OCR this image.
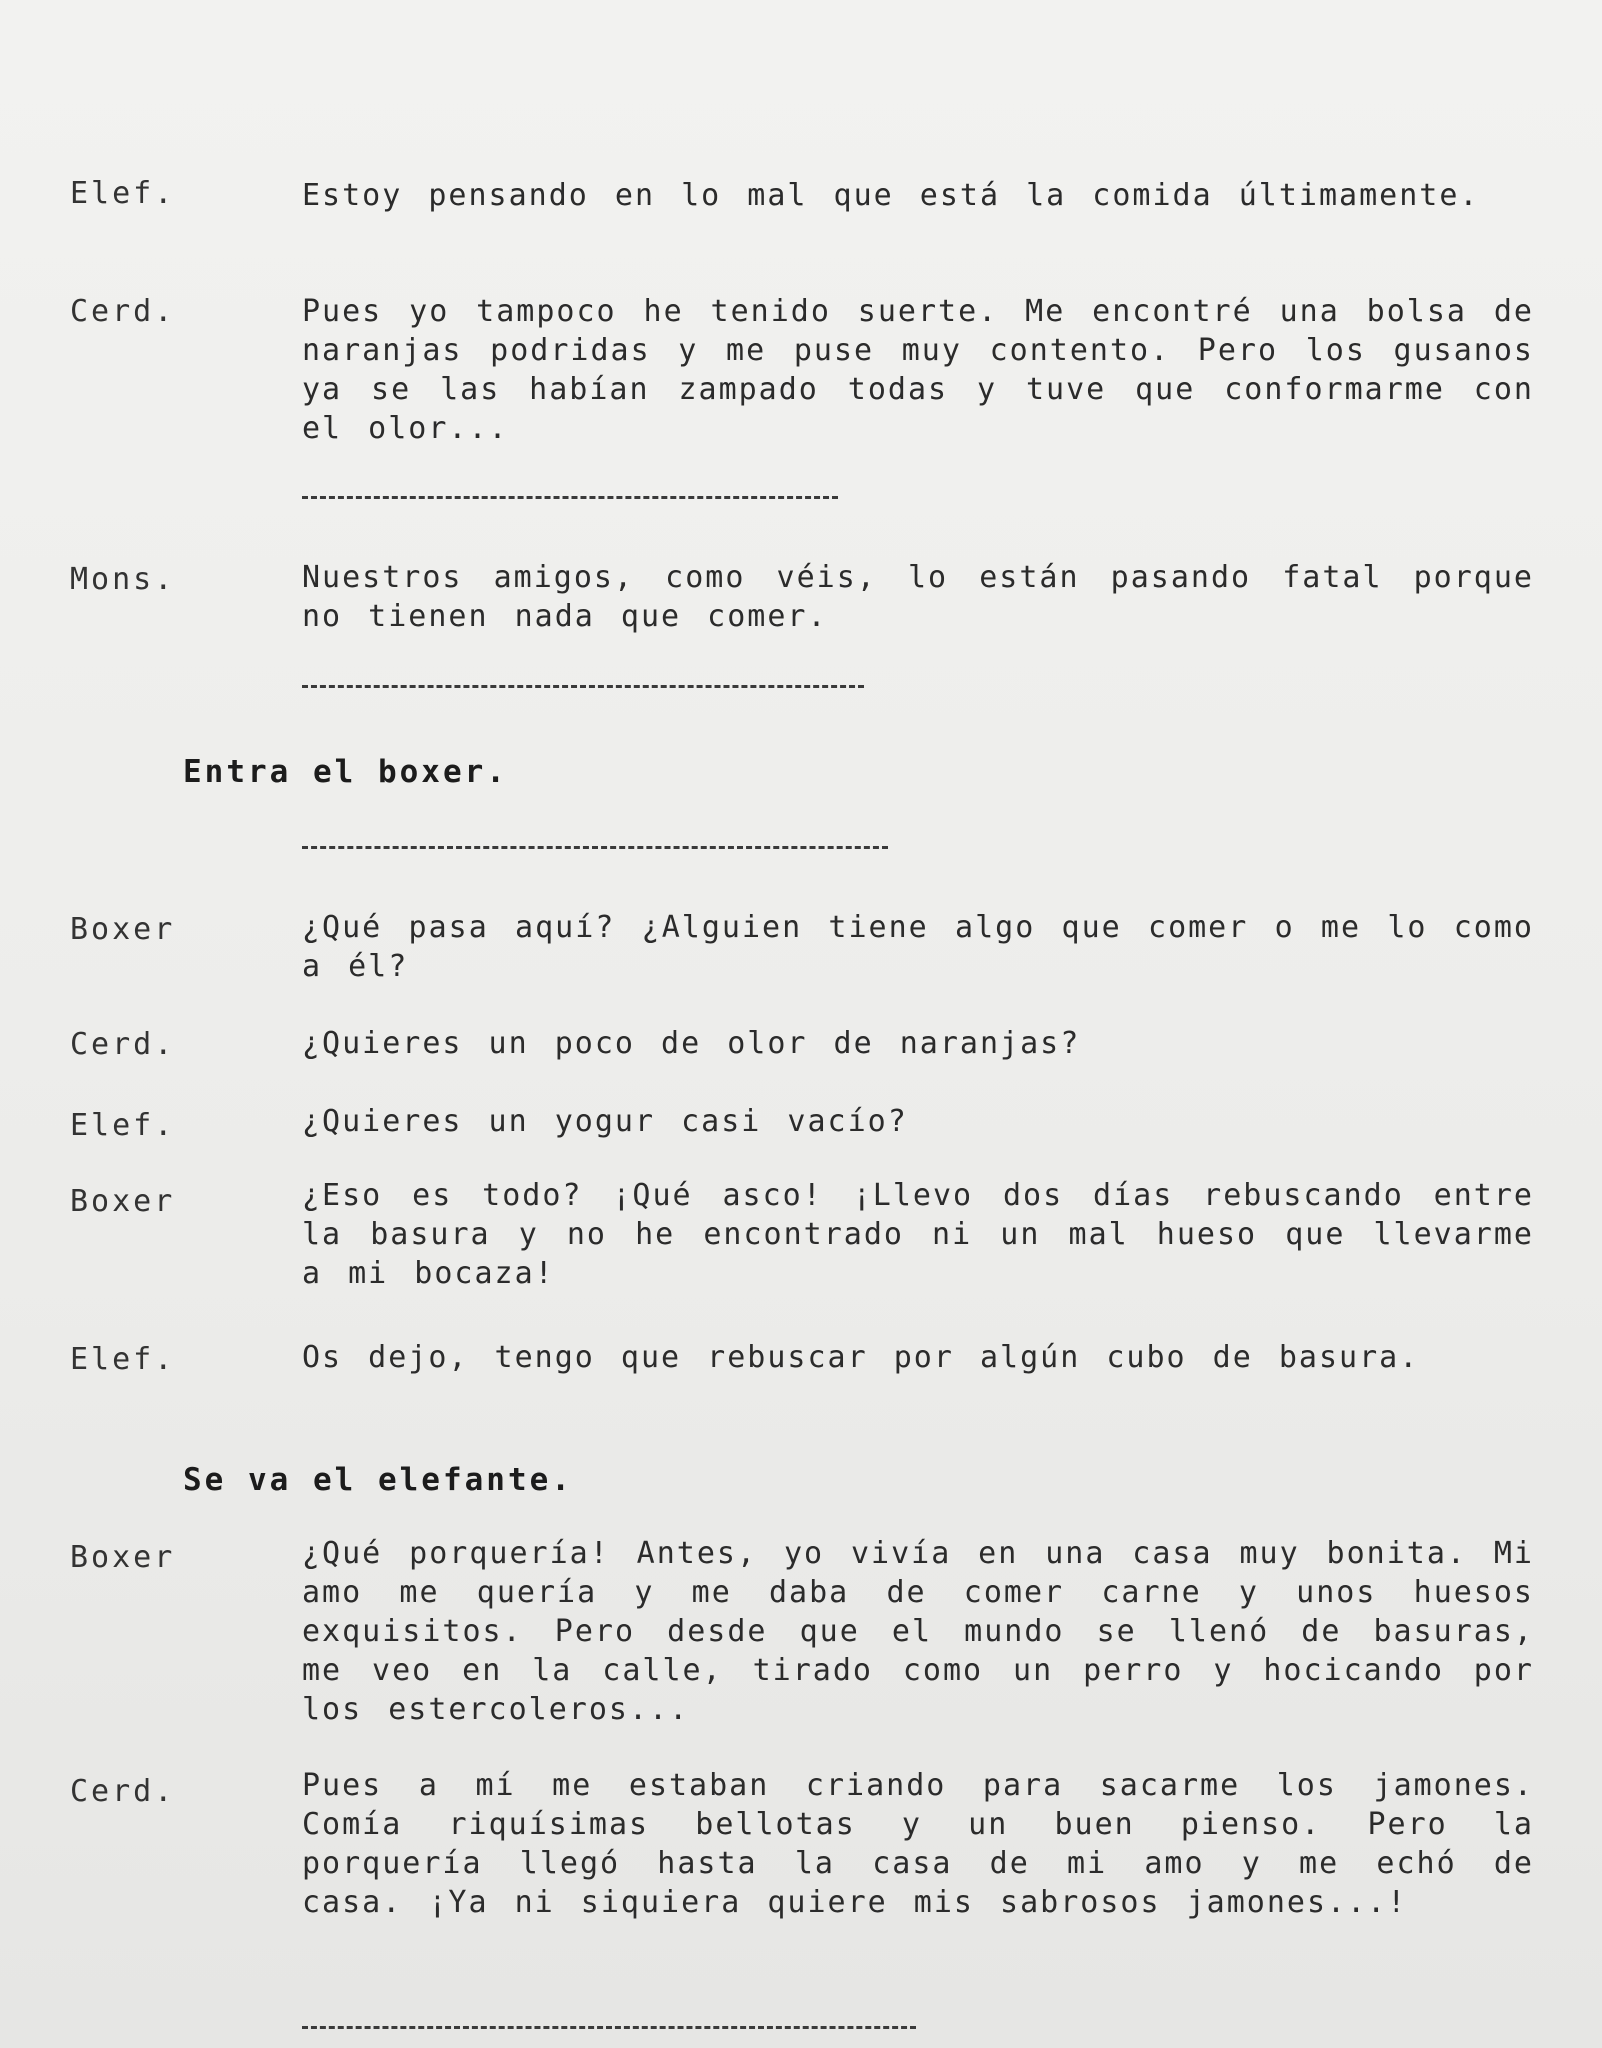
Elef.	Estoy pensando en lo mal que está la comida últimamente.
Cerd.	Pues yo tampoco he tenido suerte. Me encontré una bolsa de naranjas podridas y me puse muy contento. Pero los gusanos ya se las habían zampado todas y tuve que conformarme con el olor...
Mons.	Nuestros amigos, como véis, lo están pasando fatal porque no tienen nada que comer.
Entra el boxer.
Boxer	¿Qué pasa aquí? ¿Alguien tiene algo que comer o me lo como a él?
Cerd.	¿Quieres un poco de olor de naranjas?
Elef.	¿Quieres un yogur casi vacío?
Boxer	¿Eso es todo? ¡Qué asco! ¡Llevo dos días rebuscando entre la basura y no he encontrado ni un mal hueso que llevarme a mi bocaza!
Elef.	Os dejo, tengo que rebuscar por algún cubo de basura.
Se va el elefante.
Boxer	¿Qué porquería! Antes, yo vivía en una casa muy bonita. Mi amo me quería y me daba de comer carne y unos huesos exquisitos. Pero desde que el mundo se llenó de basuras, me veo en la calle, tirado como un perro y hocicando por los estercoleros...
Cerd.	Pues a mí me estaban criando para sacarme los jamones. Comía riquísimas bellotas y un buen pienso. Pero la porquería llegó hasta la casa de mi amo y me echó de casa. ¡Ya ni siquiera quiere mis sabrosos jamones...!
